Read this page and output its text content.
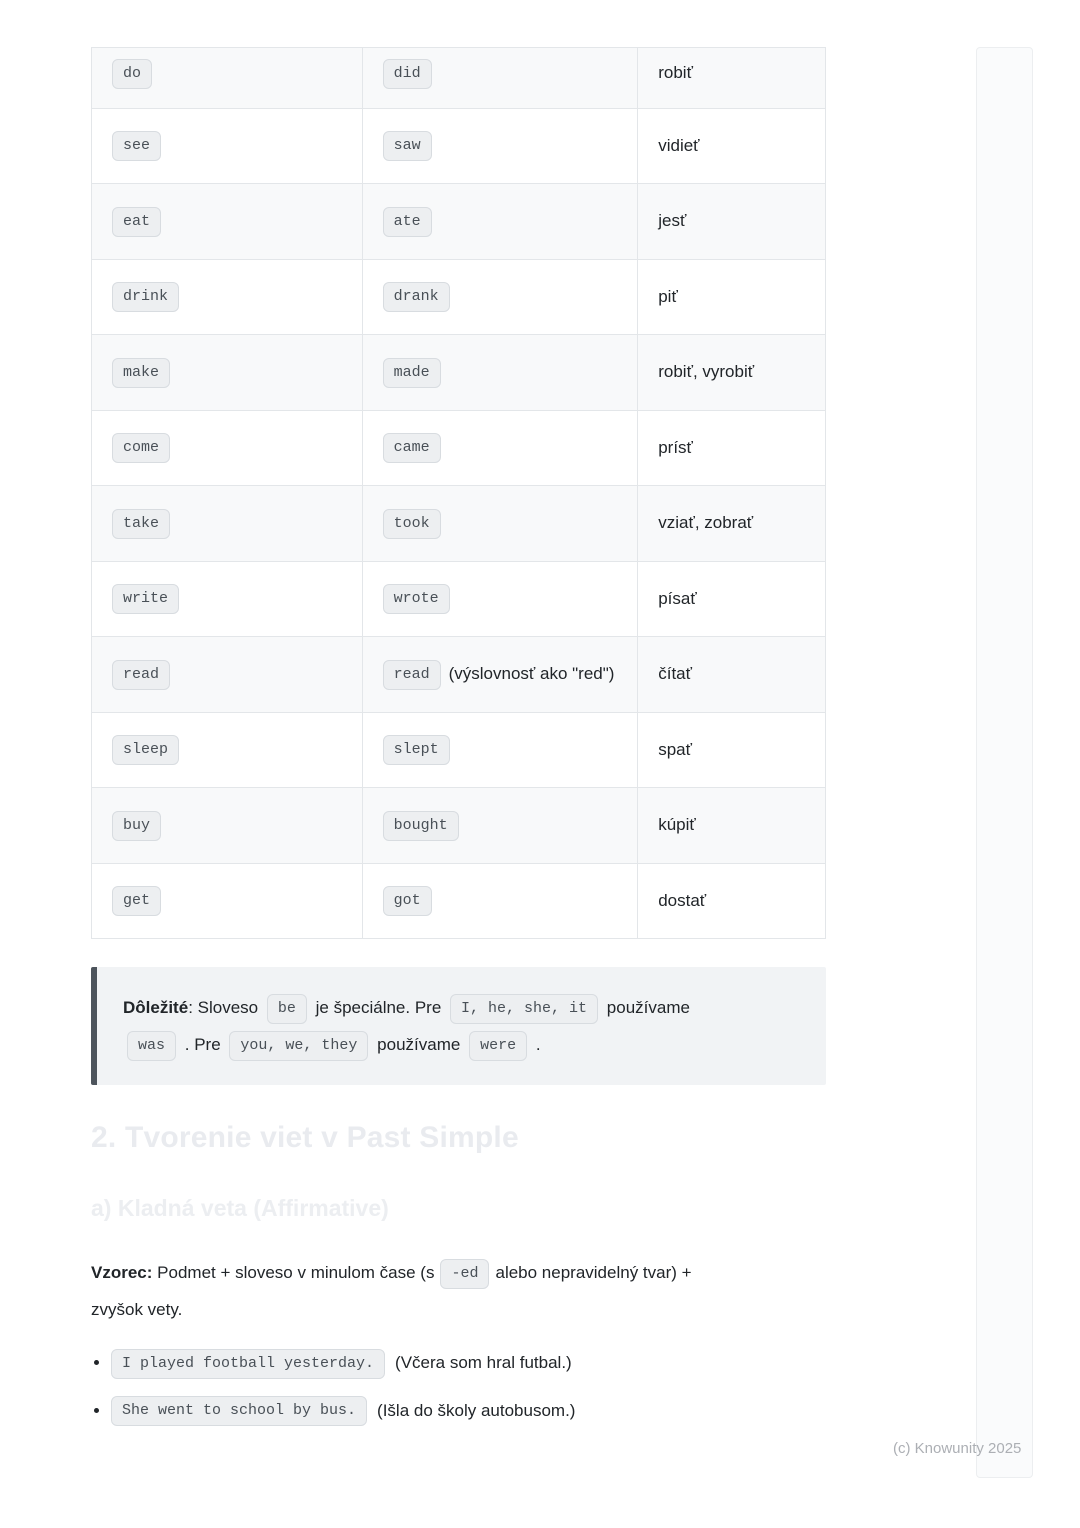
do	did	robiť
see	saw	vidieť
eat	ate	jesť
drink	drank	piť
make	made	robiť, vyrobiť
come	came	prísť
take	took	vziať, zobrať
write	wrote	písať
read	read (výslovnosť ako "red")	čítať
sleep	slept	spať
buy	bought	kúpiť
get	got	dostať
Dôležité: Sloveso be je špeciálne. Pre I, he, she, it používame
was . Pre you, we, they používame were .
2. Tvorenie viet v Past Simple
a) Kladná veta (Affirmative)

Vzorec: Podmet + sloveso v minulom čase (s -ed alebo nepravidelný tvar) +
zvyšok vety.

• I played football yesterday. (Včera som hral futbal.)
• She went to school by bus. (Išla do školy autobusom.)
(c) Knowunity 2025
